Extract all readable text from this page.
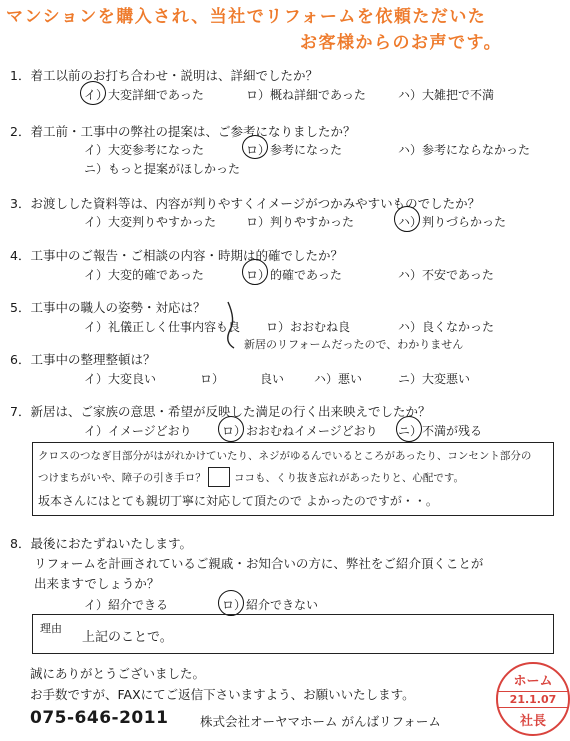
マンションを購入され、当社でリフォームを依頼ただいた
お客様からのお声です。
1．着工以前のお打ち合わせ・説明は、詳細でしたか？
イ）大変詳細であった	ロ）概ね詳細であった	ハ）大雑把で不満
2．着工前・工事中の弊社の提案は、ご参考になりましたか？
イ）大変参考になった	ロ）参考になった	ハ）参考にならなかった
ニ）もっと提案がほしかった
3．お渡しした資料等は、内容が判りやすくイメージがつかみやすいものでしたか？
イ）大変判りやすかった ロ）判りやすかった	ハ）判りづらかった
4．工事中のご報告・ご相談の内容・時期は的確でしたか？
イ）大変的確であった	ロ）的確であった	ハ）不安であった
5．工事中の職人の姿勢・対応は？
イ）礼儀正しく仕事内容も良 ロ）おおむね良	ハ）良くなかった
新居のリフォームだったので、わかりません
6．工事中の整理整頓は？
イ）大変良い	ロ）	良い ハ）悪い	ニ）大変悪い
7．新居は、ご家族の意思・希望が反映した満足の行く出来映えでしたか？
イ）イメージどおり	ロ）おおむねイメージどおり ニ）不満が残る
クロスのつなぎ目部分がはがれかけていたり、ネジがゆるんでいるところがあったり、コンセント部分の
つけまちがいや、障子の引き手ロ？	ココも、くり抜き忘れがあったりと、心配です。
坂本さんにはとても親切丁寧に対応して頂たので よかったのですが・・。
8．最後におたずねいたします。
リフォームを計画されているご親戚・お知合いの方に、弊社をご紹介頂くことが
出来ますでしょうか？
イ）紹介できる	ロ）紹介できない
理由
上記のことで。
誠にありがとうございました。
お手数ですが、FAXにてご返信下さいますよう、お願いいたします。
075-646-2011	株式会社オーヤマホーム がんばリフォーム
ホーム
21.1.07
社長
